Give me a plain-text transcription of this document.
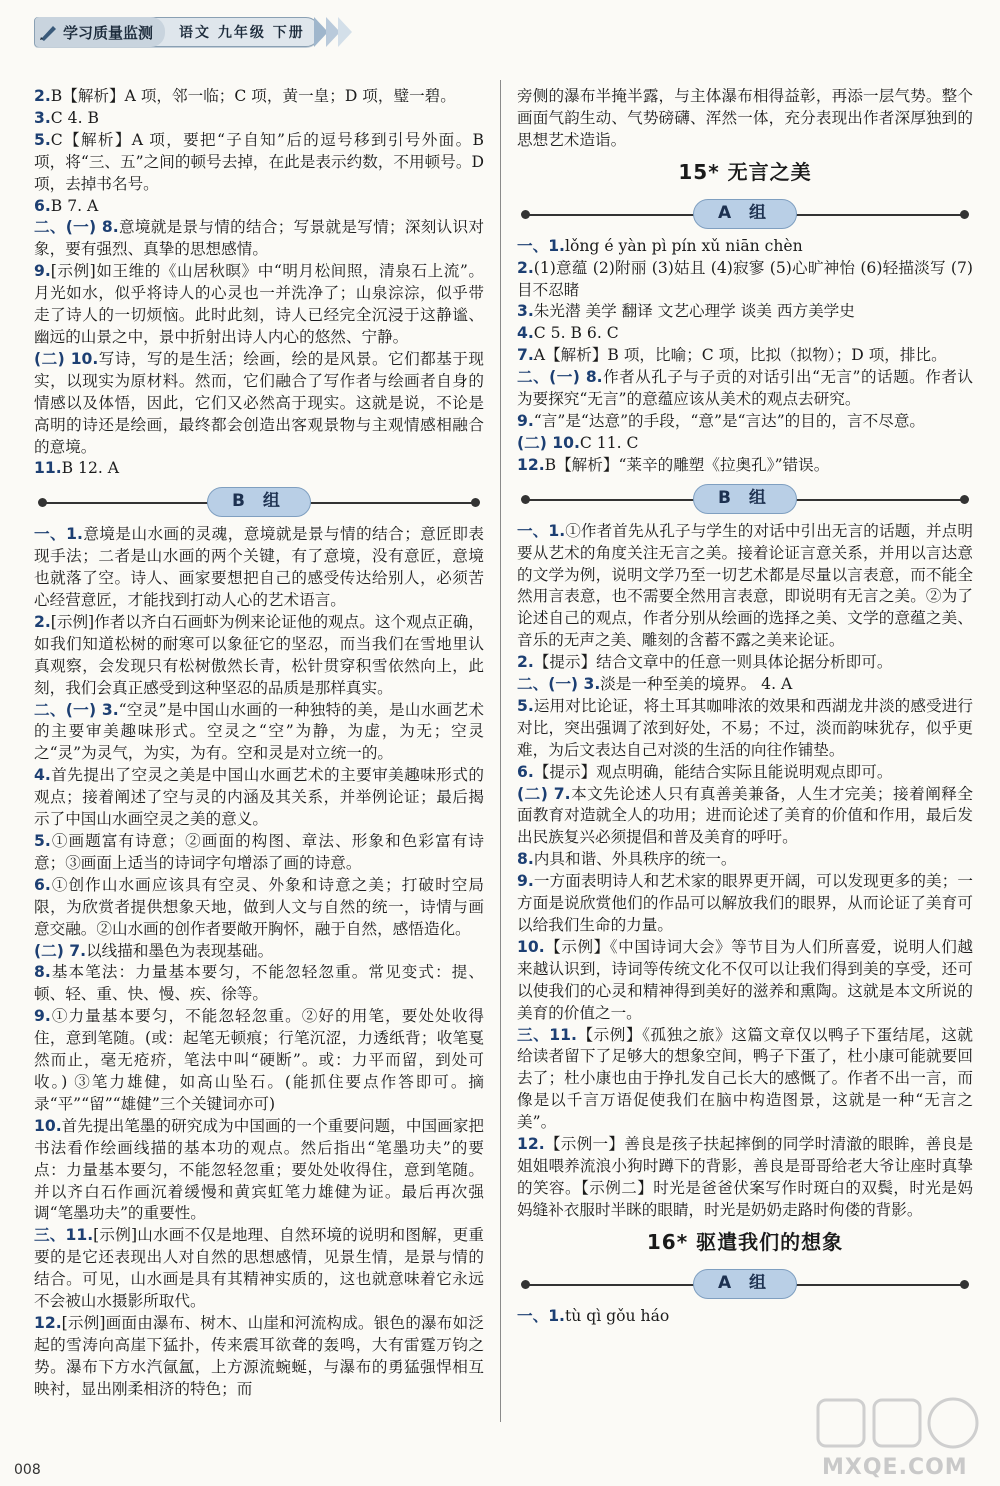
学习质量监测	语文 九年级 下册
2.B【解析】A 项，邻一临；C 项，黄一皇；D 项，璧一碧。
3.C 4. B
5.C【解析】A 项，要把“子自知”后的逗号移到引号外面。B 项，将“三、五”之间的顿号去掉，在此是表示约数，不用顿号。D 项，去掉书名号。
6.B 7. A
二、(一) 8.意境就是景与情的结合；写景就是写情；深刻认识对象，要有强烈、真挚的思想感情。
9.[示例]如王维的《山居秋暝》中“明月松间照，清泉石上流”。月光如水，似乎将诗人的心灵也一并洗净了；山泉淙淙，似乎带走了诗人的一切烦恼。此时此刻，诗人已经完全沉浸于这静谧、幽远的山景之中，景中折射出诗人内心的悠然、宁静。
(二) 10.写诗，写的是生活；绘画，绘的是风景。它们都基于现实，以现实为原材料。然而，它们融合了写作者与绘画者自身的情感以及体悟，因此，它们又必然高于现实。这就是说，不论是高明的诗还是绘画，最终都会创造出客观景物与主观情感相融合的意境。
11.B 12. A
B 组
一、1.意境是山水画的灵魂，意境就是景与情的结合；意匠即表现手法；二者是山水画的两个关键，有了意境，没有意匠，意境也就落了空。诗人、画家要想把自己的感受传达给别人，必须苦心经营意匠，才能找到打动人心的艺术语言。
2.[示例]作者以齐白石画虾为例来论证他的观点。这个观点正确，如我们知道松树的耐寒可以象征它的坚忍，而当我们在雪地里认真观察，会发现只有松树傲然长青，松针贯穿积雪依然向上，此刻，我们会真正感受到这种坚忍的品质是那样真实。
二、(一) 3.“空灵”是中国山水画的一种独特的美，是山水画艺术的主要审美趣味形式。空灵之“空”为静，为虚，为无；空灵之“灵”为灵气，为实，为有。空和灵是对立统一的。
4.首先提出了空灵之美是中国山水画艺术的主要审美趣味形式的观点；接着阐述了空与灵的内涵及其关系，并举例论证；最后揭示了中国山水画空灵之美的意义。
5.①画题富有诗意；②画面的构图、章法、形象和色彩富有诗意；③画面上适当的诗词字句增添了画的诗意。
6.①创作山水画应该具有空灵、外象和诗意之美；打破时空局限，为欣赏者提供想象天地，做到人文与自然的统一，诗情与画意交融。②山水画的创作者要敞开胸怀，融于自然，感悟造化。
(二) 7.以线描和墨色为表现基础。
8.基本笔法：力量基本要匀，不能忽轻忽重。常见变式：提、顿、轻、重、快、慢、疾、徐等。
9.①力量基本要匀，不能忽轻忽重。②好的用笔，要处处收得住，意到笔随。(或：起笔无顿痕；行笔沉涩，力透纸背；收笔戛然而止，毫无疮疥，笔法中叫“硬断”。或：力平而留，到处可收。) ③笔力雄健，如高山坠石。(能抓住要点作答即可。摘录“平”“留”“雄健”三个关键词亦可)
10.首先提出笔墨的研究成为中国画的一个重要问题，中国画家把书法看作绘画线描的基本功的观点。然后指出“笔墨功夫”的要点：力量基本要匀，不能忽轻忽重；要处处收得住，意到笔随。并以齐白石作画沉着缓慢和黄宾虹笔力雄健为证。最后再次强调“笔墨功夫”的重要性。
三、11.[示例]山水画不仅是地理、自然环境的说明和图解，更重要的是它还表现出人对自然的思想感情，见景生情，是景与情的结合。可见，山水画是具有其精神实质的，这也就意味着它永远不会被山水摄影所取代。
12.[示例]画面由瀑布、树木、山崖和河流构成。银色的瀑布如泛起的雪涛向高崖下猛扑，传来震耳欲聋的轰鸣，大有雷霆万钧之势。瀑布下方水汽氤氲，上方源流蜿蜒，与瀑布的勇猛强悍相互映衬，显出刚柔相济的特色；而
旁侧的瀑布半掩半露，与主体瀑布相得益彰，再添一层气势。整个画面气韵生动、气势磅礴、浑然一体，充分表现出作者深厚独到的思想艺术造诣。
15* 无言之美
A 组
一、1.lǒng é yàn pì pín xǔ niān chèn
2.(1)意蕴 (2)附丽 (3)姑且 (4)寂寥 (5)心旷神怡 (6)轻描淡写 (7)目不忍睹
3.朱光潜 美学 翻译 文艺心理学 谈美 西方美学史
4.C 5. B 6. C
7.A【解析】B 项，比喻；C 项，比拟（拟物）；D 项，排比。
二、(一) 8.作者从孔子与子贡的对话引出“无言”的话题。作者认为要探究“无言”的意蕴应该从美术的观点去研究。
9.“言”是“达意”的手段，“意”是“言达”的目的，言不尽意。
(二) 10.C 11. C
12.B【解析】“莱辛的雕塑《拉奥孔》”错误。
B 组
一、1.①作者首先从孔子与学生的对话中引出无言的话题，并点明要从艺术的角度关注无言之美。接着论证言意关系，并用以言达意的文学为例，说明文学乃至一切艺术都是尽量以言表意，而不能全然用言表意，也不需要全然用言表意，即说明有无言之美。②为了论述自己的观点，作者分别从绘画的选择之美、文学的意蕴之美、音乐的无声之美、雕刻的含蓄不露之美来论证。
2.【提示】结合文章中的任意一则具体论据分析即可。
二、(一) 3.淡是一种至美的境界。 4. A
5.运用对比论证，将土耳其咖啡浓的效果和西湖龙井淡的感受进行对比，突出强调了浓到好处，不易；不过，淡而韵味犹存，似乎更难，为后文表达自己对淡的生活的向往作铺垫。
6.【提示】观点明确，能结合实际且能说明观点即可。
(二) 7.本文先论述人只有真善美兼备，人生才完美；接着阐释全面教育对造就全人的功用；进而论述了美育的价值和作用，最后发出民族复兴必须提倡和普及美育的呼吁。
8.内具和谐、外具秩序的统一。
9.一方面表明诗人和艺术家的眼界更开阔，可以发现更多的美；一方面是说欣赏他们的作品可以解放我们的眼界，从而论证了美育可以给我们生命的力量。
10.【示例】《中国诗词大会》等节目为人们所喜爱，说明人们越来越认识到，诗词等传统文化不仅可以让我们得到美的享受，还可以使我们的心灵和精神得到美好的滋养和熏陶。这就是本文所说的美育的价值之一。
三、11.【示例】《孤独之旅》这篇文章仅以鸭子下蛋结尾，这就给读者留下了足够大的想象空间，鸭子下蛋了，杜小康可能就要回去了；杜小康也由于挣扎发自己长大的感慨了。作者不出一言，而像是以千言万语促使我们在脑中构造图景，这就是一种“无言之美”。
12.【示例一】善良是孩子扶起摔倒的同学时清澈的眼眸，善良是姐姐喂养流浪小狗时蹲下的背影，善良是哥哥给老大爷让座时真挚的笑容。【示例二】时光是爸爸伏案写作时斑白的双鬓，时光是妈妈缝补衣服时半眯的眼睛，时光是奶奶走路时佝偻的背影。
16* 驱遣我们的想象
A 组
一、1.tù qì gǒu háo
008	MXQE.COM
